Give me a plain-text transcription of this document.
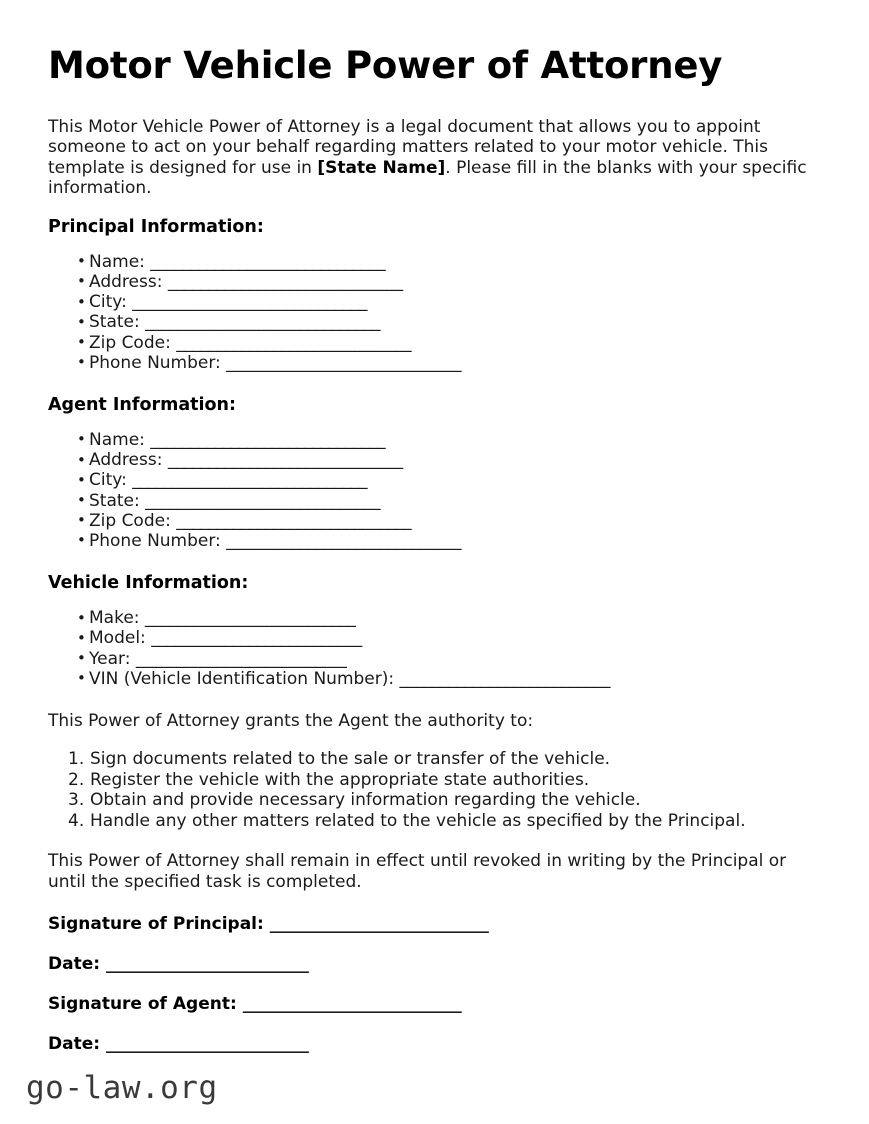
Motor Vehicle Power of Attorney

This Motor Vehicle Power of Attorney is a legal document that allows you to appoint someone to act on your behalf regarding matters related to your motor vehicle. This template is designed for use in [State Name]. Please fill in the blanks with your specific information.

Principal Information:
• Name: _____________________________
• Address: _____________________________
• City: _____________________________
• State: _____________________________
• Zip Code: _____________________________
• Phone Number: _____________________________
Agent Information:
• Name: _____________________________
• Address: _____________________________
• City: _____________________________
• State: _____________________________
• Zip Code: _____________________________
• Phone Number: _____________________________
Vehicle Information:
• Make: __________________________
• Model: __________________________
• Year: __________________________
• VIN (Vehicle Identification Number): __________________________

This Power of Attorney grants the Agent the authority to:

Sign documents related to the sale or transfer of the vehicle.
Register the vehicle with the appropriate state authorities.
Obtain and provide necessary information regarding the vehicle.
Handle any other matters related to the vehicle as specified by the Principal.

This Power of Attorney shall remain in effect until revoked in writing by the Principal or until the specified task is completed.

Signature of Principal: ___________________________
Date: _________________________
Signature of Agent: ___________________________
Date: _________________________
go-law.org
